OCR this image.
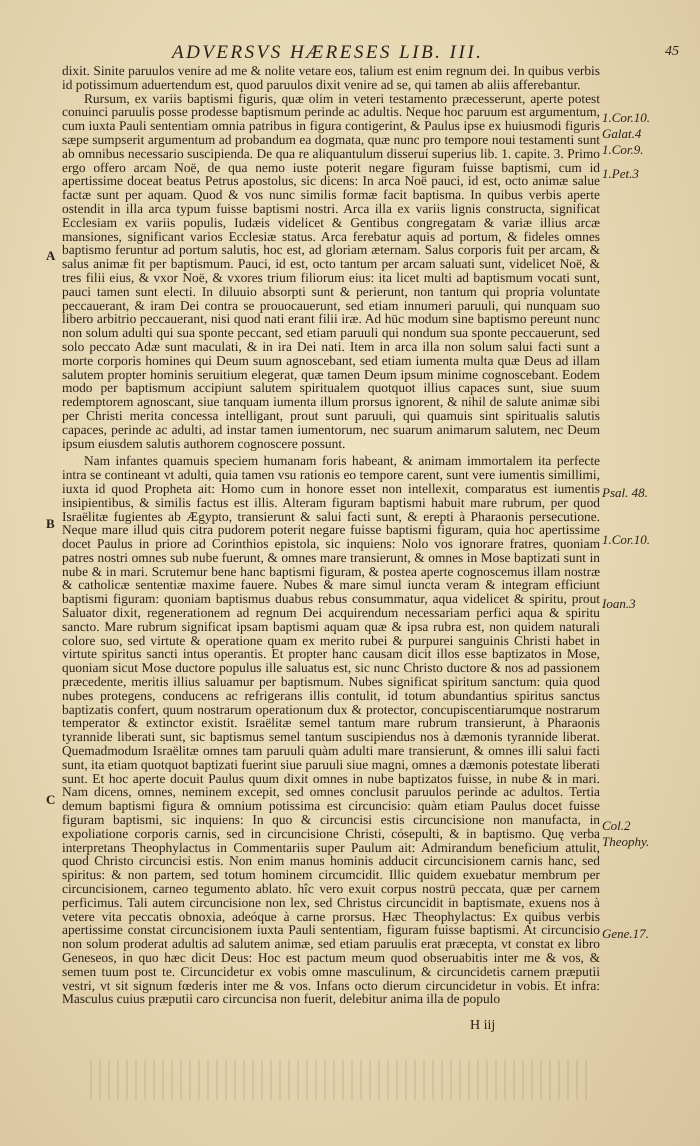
ADVERSVS HÆRESES LIB. III.	45

dixit. Sinite paruulos venire ad me & nolite vetare eos, talium est enim regnum dei. In quibus verbis id potissimum aduertendum est, quod paruulos dixit venire ad se, qui tamen ab aliis afferebantur.

Rursum, ex variis baptismi figuris, quæ olim in veteri testamento præcesserunt, aperte potest conuinci paruulis posse prodesse baptismum perinde ac adultis. Neque hoc paruum est argumentum, cum iuxta Pauli sententiam omnia patribus in figura contigerint, & Paulus ipse ex huiusmodi figuris sæpe sumpserit argumentum ad probandum ea dogmata, quæ nunc pro tempore noui testamenti sunt ab omnibus necessario suscipienda. De qua re aliquantulum disseruí superius lib. 1. capite. 3. Primo ergo offero arcam Noë, de qua nemo iuste poterit negare figuram fuisse baptismi, cum id apertissime doceat beatus Petrus apostolus, sic dicens: In arca Noë pauci, id est, octo animæ salue factæ sunt per aquam. Quod & vos nunc similis formæ facit baptisma. In quibus verbis aperte ostendit in illa arca typum fuisse baptismi nostri. Arca illa ex variis lignis constructa, significat Ecclesiam ex variis populis, Iudæis videlicet & Gentibus congregatam & variæ illius arcæ mansiones, significant varios Ecclesiæ status. Arca ferebatur aquis ad portum, & fideles omnes baptismo feruntur ad portum salutis, hoc est, ad gloriam æternam. Salus corporis fuit per arcam, & salus animæ fit per baptismum. Pauci, id est, octo tantum per arcam saluati sunt, videlicet Noë, & tres filii eius, & vxor Noë, & vxores trium filiorum eius: ita licet multi ad baptismum vocati sunt, pauci tamen sunt electi. In diluuio absorpti sunt & perierunt, non tantum qui propria voluntate peccauerant, & iram Dei contra se prouocauerunt, sed etiam innumeri paruuli, qui nunquam suo libero arbitrio peccauerant, nisi quod nati erant filii iræ. Ad hūc modum sine baptismo pereunt nunc non solum adulti qui sua sponte peccant, sed etiam paruuli qui nondum sua sponte peccauerunt, sed solo peccato Adæ sunt maculati, & in ira Dei nati. Item in arca illa non solum salui facti sunt a morte corporis homines qui Deum suum agnoscebant, sed etiam iumenta multa quæ Deus ad illam salutem propter hominis seruitium elegerat, quæ tamen Deum ipsum minime cognoscebant. Eodem modo per baptismum accipiunt salutem spiritualem quotquot illius capaces sunt, siue suum redemptorem agnoscant, siue tanquam iumenta illum prorsus ignorent, & nihil de salute animæ sibi per Christi merita concessa intelligant, prout sunt paruuli, qui quamuis sint spiritualis salutis capaces, perinde ac adulti, ad instar tamen iumentorum, nec suarum animarum salutem, nec Deum ipsum eiusdem salutis authorem cognoscere possunt.

Nam infantes quamuis speciem humanam foris habeant, & animam immortalem ita perfecte intra se contineant vt adulti, quia tamen vsu rationis eo tempore carent, sunt vere iumentis simillimi, iuxta id quod Propheta ait: Homo cum in honore esset non intellexit, comparatus est iumentis insipientibus, & similis factus est illis. Alteram figuram baptismi habuit mare rubrum, per quod Israëlitæ fugientes ab Ægypto, transierunt & salui facti sunt, & erepti à Pharaonis persecutione. Neque mare illud quis citra pudorem poterit negare fuisse baptismi figuram, quia hoc apertissime docet Paulus in priore ad Corinthios epistola, sic inquiens: Nolo vos ignorare fratres, quoniam patres nostri omnes sub nube fuerunt, & omnes mare transierunt, & omnes in Mose baptizati sunt in nube & in mari. Scrutemur bene hanc baptismi figuram, & postea aperte cognoscemus illam nostræ & catholicæ sententiæ maxime fauere. Nubes & mare simul iuncta veram & integram efficiunt baptismi figuram: quoniam baptismus duabus rebus consummatur, aqua videlicet & spiritu, prout Saluator dixit, regenerationem ad regnum Dei acquirendum necessariam perfici aqua & spiritu sancto. Mare rubrum significat ipsam baptismi aquam quæ & ipsa rubra est, non quidem naturali colore suo, sed virtute & operatione quam ex merito rubei & purpurei sanguinis Christi habet in virtute spiritus sancti intus operantis. Et propter hanc causam dicit illos esse baptizatos in Mose, quoniam sicut Mose ductore populus ille saluatus est, sic nunc Christo ductore & nos ad passionem præcedente, meritis illius saluamur per baptismum. Nubes significat spiritum sanctum: quia quod nubes protegens, conducens ac refrigerans illis contulit, id totum abundantius spiritus sanctus baptizatis confert, quum nostrarum operationum dux & protector, concupiscentiarumque nostrarum temperator & extinctor existit. Israëlitæ semel tantum mare rubrum transierunt, à Pharaonis tyrannide liberati sunt, sic baptismus semel tantum suscipiendus nos à dæmonis tyrannide liberat. Quemadmodum Israëlitæ omnes tam paruuli quàm adulti mare transierunt, & omnes illi salui facti sunt, ita etiam quotquot baptizati fuerint siue paruuli siue magni, omnes a dæmonis potestate liberati sunt. Et hoc aperte docuit Paulus quum dixit omnes in nube baptizatos fuisse, in nube & in mari. Nam dicens, omnes, neminem excepit, sed omnes conclusit paruulos perinde ac adultos. Tertia demum baptismi figura & omnium potissima est circuncisio: quàm etiam Paulus docet fuisse figuram baptismi, sic inquiens: In quo & circuncisi estis circuncisione non manufacta, in expoliatione corporis carnis, sed in circuncisione Christi, cósepulti, & in baptismo. Quę verba interpretans Theophylactus in Commentariis super Paulum ait: Admirandum beneficium attulit, quod Christo circuncisi estis. Non enim manus hominis adducit circuncisionem carnis hanc, sed spiritus: & non partem, sed totum hominem circumcidit. Illic quidem exuebatur membrum per circuncisionem, carneo tegumento ablato. hîc vero exuit corpus nostrū peccata, quæ per carnem perficimus. Tali autem circuncisione non lex, sed Christus circuncidit in baptismate, exuens nos à vetere vita peccatis obnoxia, adeóque à carne prorsus. Hæc Theophylactus: Ex quibus verbis apertissime constat circuncisionem iuxta Pauli sententiam, figuram fuisse baptismi. At circuncisio non solum proderat adultis ad salutem animæ, sed etiam paruulis erat præcepta, vt constat ex libro Geneseos, in quo hæc dicit Deus: Hoc est pactum meum quod obseruabitis inter me & vos, & semen tuum post te. Circuncidetur ex vobis omne masculinum, & circuncidetis carnem præputii vestri, vt sit signum fœderis inter me & vos. Infans octo dierum circuncidetur in vobis. Et infra: Masculus cuius præputii caro circuncisa non fuerit, delebitur anima illa de populo

A
B
C
1.Cor.10.
Galat.4
1.Cor.9.
1.Pet.3
Psal. 48.
1.Cor.10.
Ioan.3
Col.2
Theophy.
Gene.17.
H iij
